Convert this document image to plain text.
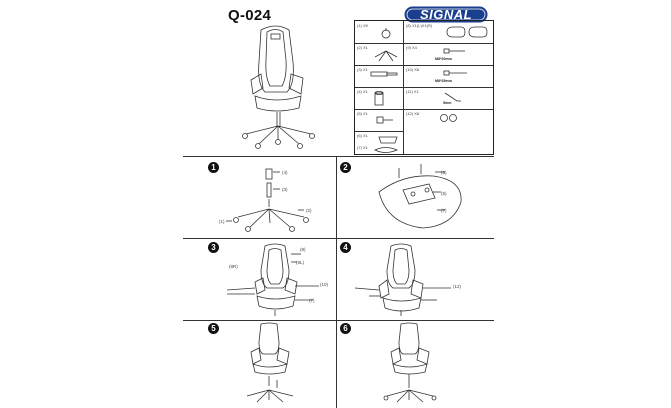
Q-024	SIGNAL
(1) X5	(8) X1(L)X1(R)
(2) X1	(9) X4
M8*20mm
(3) X1	(10) X8
M8*25mm
(4) X1	(11) X1
5mm
(5) X1	(12) X8
(6) X1
(7) X1
1
(4)
(3)
(2)
(1)
2
(6)
(5)
(7)
3	(8)
(8L)
(8R)
(10)
(7)
4
(12)
5	6
